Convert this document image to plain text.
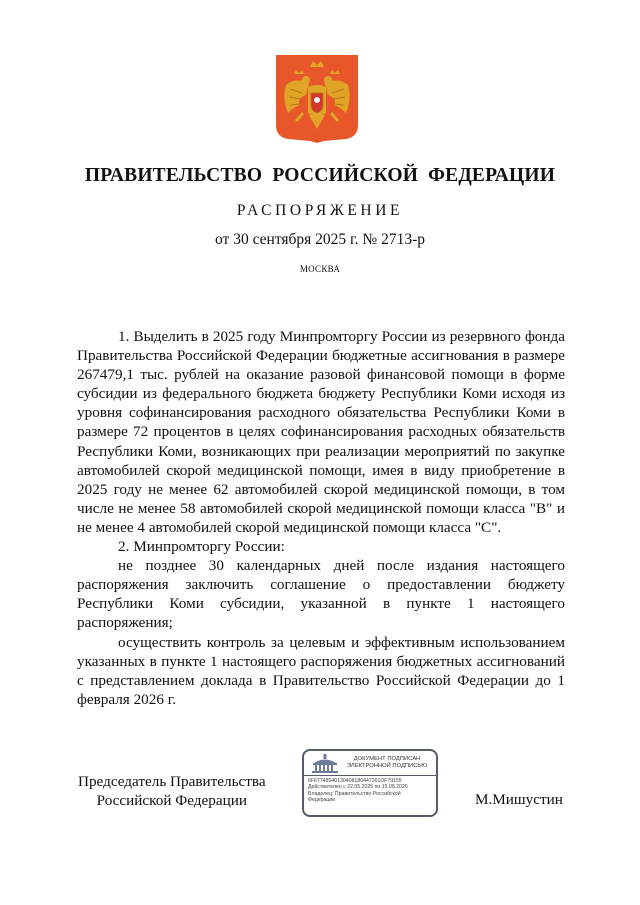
ПРАВИТЕЛЬСТВО РОССИЙСКОЙ ФЕДЕРАЦИИ
РАСПОРЯЖЕНИЕ
от 30 сентября 2025 г. № 2713-р
МОСКВА

1. Выделить в 2025 году Минпромторгу России из резервного фонда Правительства Российской Федерации бюджетные ассигнования в размере 267479,1 тыс. рублей на оказание разовой финансовой помощи в форме субсидии из федерального бюджета бюджету Республики Коми исходя из уровня софинансирования расходного обязательства Республики Коми в размере 72 процентов в целях софинансирования расходных обязательств Республики Коми, возникающих при реализации мероприятий по закупке автомобилей скорой медицинской помощи, имея в виду приобретение в 2025 году не менее 62 автомобилей скорой медицинской помощи, в том числе не менее 58 автомобилей скорой медицинской помощи класса "В" и не менее 4 автомобилей скорой медицинской помощи класса "С".

2. Минпромторгу России:

не позднее 30 календарных дней после издания настоящего распоряжения заключить соглашение о предоставлении бюджету Республики Коми субсидии, указанной в пункте 1 настоящего распоряжения;

осуществить контроль за целевым и эффективным использованием указанных в пункте 1 настоящего распоряжения бюджетных ассигнований с представлением доклада в Правительство Российской Федерации до 1 февраля 2026 г.

Председатель Правительства
Российской Федерации
ДОКУМЕНТ ПОДПИСАН
ЭЛЕКТРОННОЙ ПОДПИСЬЮ
6F67748540130408186447261DF79155
Действителен с 22.05.2025 по 15.08.2026
Владелец: Правительство Российской
Федерации	М.Мишустин
